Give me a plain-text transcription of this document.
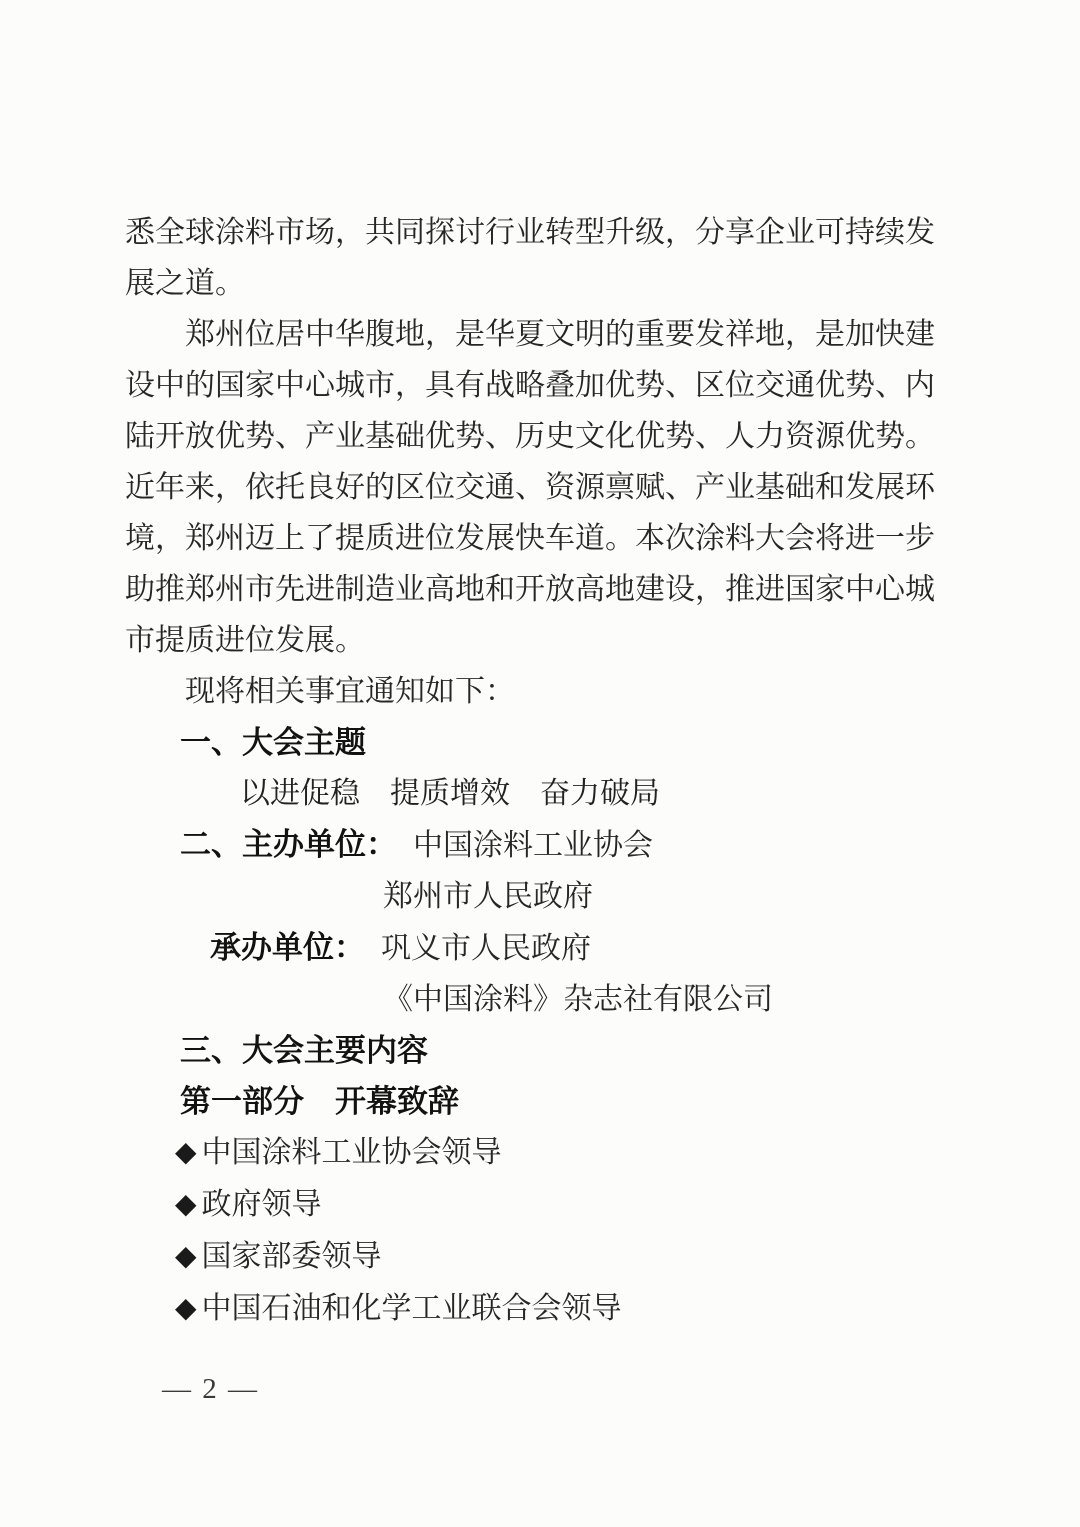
悉全球涂料市场，共同探讨行业转型升级，分享企业可持续发展之道。

郑州位居中华腹地，是华夏文明的重要发祥地，是加快建设中的国家中心城市，具有战略叠加优势、区位交通优势、内陆开放优势、产业基础优势、历史文化优势、人力资源优势。近年来，依托良好的区位交通、资源禀赋、产业基础和发展环境，郑州迈上了提质进位发展快车道。本次涂料大会将进一步助推郑州市先进制造业高地和开放高地建设，推进国家中心城市提质进位发展。

现将相关事宜通知如下：

一、大会主题
以进促稳　提质增效　奋力破局
二、主办单位： 中国涂料工业协会
郑州市人民政府
承办单位： 巩义市人民政府
《中国涂料》杂志社有限公司
三、大会主要内容
第一部分　开幕致辞
◆ 中国涂料工业协会领导
◆ 政府领导
◆ 国家部委领导
◆ 中国石油和化学工业联合会领导
— 2 —
